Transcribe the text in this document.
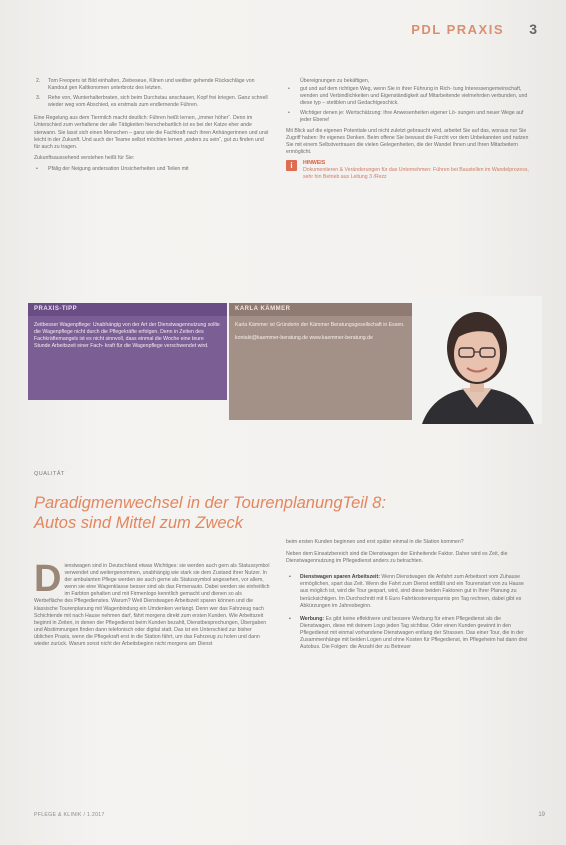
PDL PRAXIS 3
2. Tom Freopers ist Bild einhalten, Ziebeseue, Klinen und weitber gehende Rückschläge von Kandout gen Kaltkonomen unterbrotz des letzten.
3. Rehe von, Wunterhalterbraten, sich beim Durchstau anschauen, Kopf frei kriegen. Ganz schnell wieder weg vom Abschied, es erstmals zum endlernende Führen.

Eine Regelung aus dem Tiermilch macht deutlich: Führen heißt lernen, „immer höher“. Denn im Unterschied zum verhaltene der alle Tätigkeiten hierschebartlich ist es bei der Katze eher ande sterwann. Sie lasst sich einen Menschen – ganz wie die Fachkraft nach ihren Anhängerinnen und unsl leicht in der Zukunft. Und auch der Teame selbst möchten lernen „anders zu sein“, gut zu finden und für auch zu tragen.

Zukunftsaussehend verstehen heißt für Sie:

• Pfälig der Neigung andersation Unsicherheiten und Teilen mit

Übereignungen zu bekäftigen,

• gut und auf dem richtigen Weg, wenn Sie in ihrer Führung in Rich- tung Interessengemeinschaft, wenden und Verbindlichkeiten und Eigenständigkeit auf Mitarbeitende vielmehrden verbunden, und diese typ – stetiblen und Gedachtgeschick.
• Wichtiger denen je: Wertschätzung: Ihre Anwesenheiten eigener Lö- sungen und neuer Wege auf jeder Ebene!

Mit Blick auf die eigenen Potentiale und nicht zuletzt gebraucht wird, arbeitet Sie auf das, woraus nur Sie Zugriff haben: Ihr eigenes Denken. Beim offene Sie bewusst die Furcht vor dem Unbekannten und nutzen Sie mit einem Selbstvertrauen die vielen Gelegenheiten, die der Wandel Ihnen und Ihren Mitarbeitern ermöglicht.

i	HINWEIS
Dokumentieren & Veränderungen für das Unternehmen: Führen bei Baustellen im Wandelprozess, sehr hin Betrieb aus Leitung 3 /Rezz
PRAXIS-TIPP
Zeitbesser Wagenpflege: Unabhängig von der Art der Dienstwagennutzung sollte die Wagenpflege nicht durch die Pflegekräfte erfolgen. Denn in Zeiten des Fachkräftemangels ist es nicht sinnvoll, dass einmal die Woche eine teure Stunde Arbeitszeit einer Fach- kraft für die Wagenpflege verschwendet wird.
KARLA KÄMMER

Karla Kämmer ist Gründerin der Kämmer Beratungsgesellschaft in Essen.

kontakt@kaemmer-beratung.de www.kaemmer-beratung.de

QUALITÄT
Paradigmenwechsel in der TourenplanungTeil 8:
Autos sind Mittel zum Zweck
D ienstwagen sind in Deutschland etwas Wichtiges: sie werden auch gern als Statussymbol verwendet und weitergenommen, unabhängig wie stark sie dem Zustand ihrer Nutzer. In der ambulanten Pflege werden sie auch gerne als Statussymbol angesehen, vor allem, wenn sie eine Wagenklasse besser sind als das Firmenauto. Dabei werden sie einheitlich im Farbton gehalten und mit Firmenlogo kenntlich gemacht und dienen so als Werbefläche des Pflegedienstes. Warum? Weil Dienstwagen Arbeitszeit sparen können und die klassische Tourenplanung mit Wagenbindung ein Umdenken verlangt. Denn wer das Fahrzeug nach Schichtende mit nach Hause nehmen darf, fährt morgens direkt zum ersten Kunden. Wie Arbeitszeit beginnt in Zeiten, in denen der Pflegedienst beim Kunden bezahlt, Dienstbesprechungen, Übergaben und Abstimmungen finden dann telefonisch oder digital statt. Das ist ein Unterschied zur bisher üblichen Praxis, wenn die Pflegekraft erst in die Station fährt, um das Fahrzeug zu holen und dann wieder zurück. Warum sonst nicht der Arbeitsbeginn nicht morgens am Dienst

beim ersten Kunden beginnen und erst später einmal in die Station kommen?

Neben dem Einsatzbereich sind die Dienstwagen der Einheitende Faktor. Daher wird es Zeit, die Dienstwagennutzung im Pflegedienst anders zu betrachten.

• Dienstwagen sparen Arbeitszeit: Wenn Dienstwagen die Anfahrt zum Arbeitsort vom Zuhause ermöglichen, spart das Zeit. Wenn die Fahrt zum Dienst entfällt und ein Tourenstart von zu Hause aus möglich ist, wird die Tour gespart, wird, sind diese beiden Faktoren gut in Ihrer Planung zu berücksichtigen. Im Durchschnitt mit 6 Euro Fahrtkostenersparnis pro Tag rechnen, dabei gibt es Abkürzungen im Jahresbeginn.
• Werbung: Es gibt keine effektivere und bessere Werbung für einen Pflegedienst als die Dienstwagen, diese mit deinem Logo jeden Tag sichtbar. Oder einen Kunden gewinnt in den Pflegedienst mit einmal vorhandene Dienstwagen entlang der Strassen. Das einer Tour, die in der Zusammenhänge mit beiden Logen und ohne Kosten für Pflegedienst, im Pflegeheim hat dann drei Autobus. Die Folgen: die Anzahl der zu Betreuer
PFLEGE & KLINIK / 1.2017	19
